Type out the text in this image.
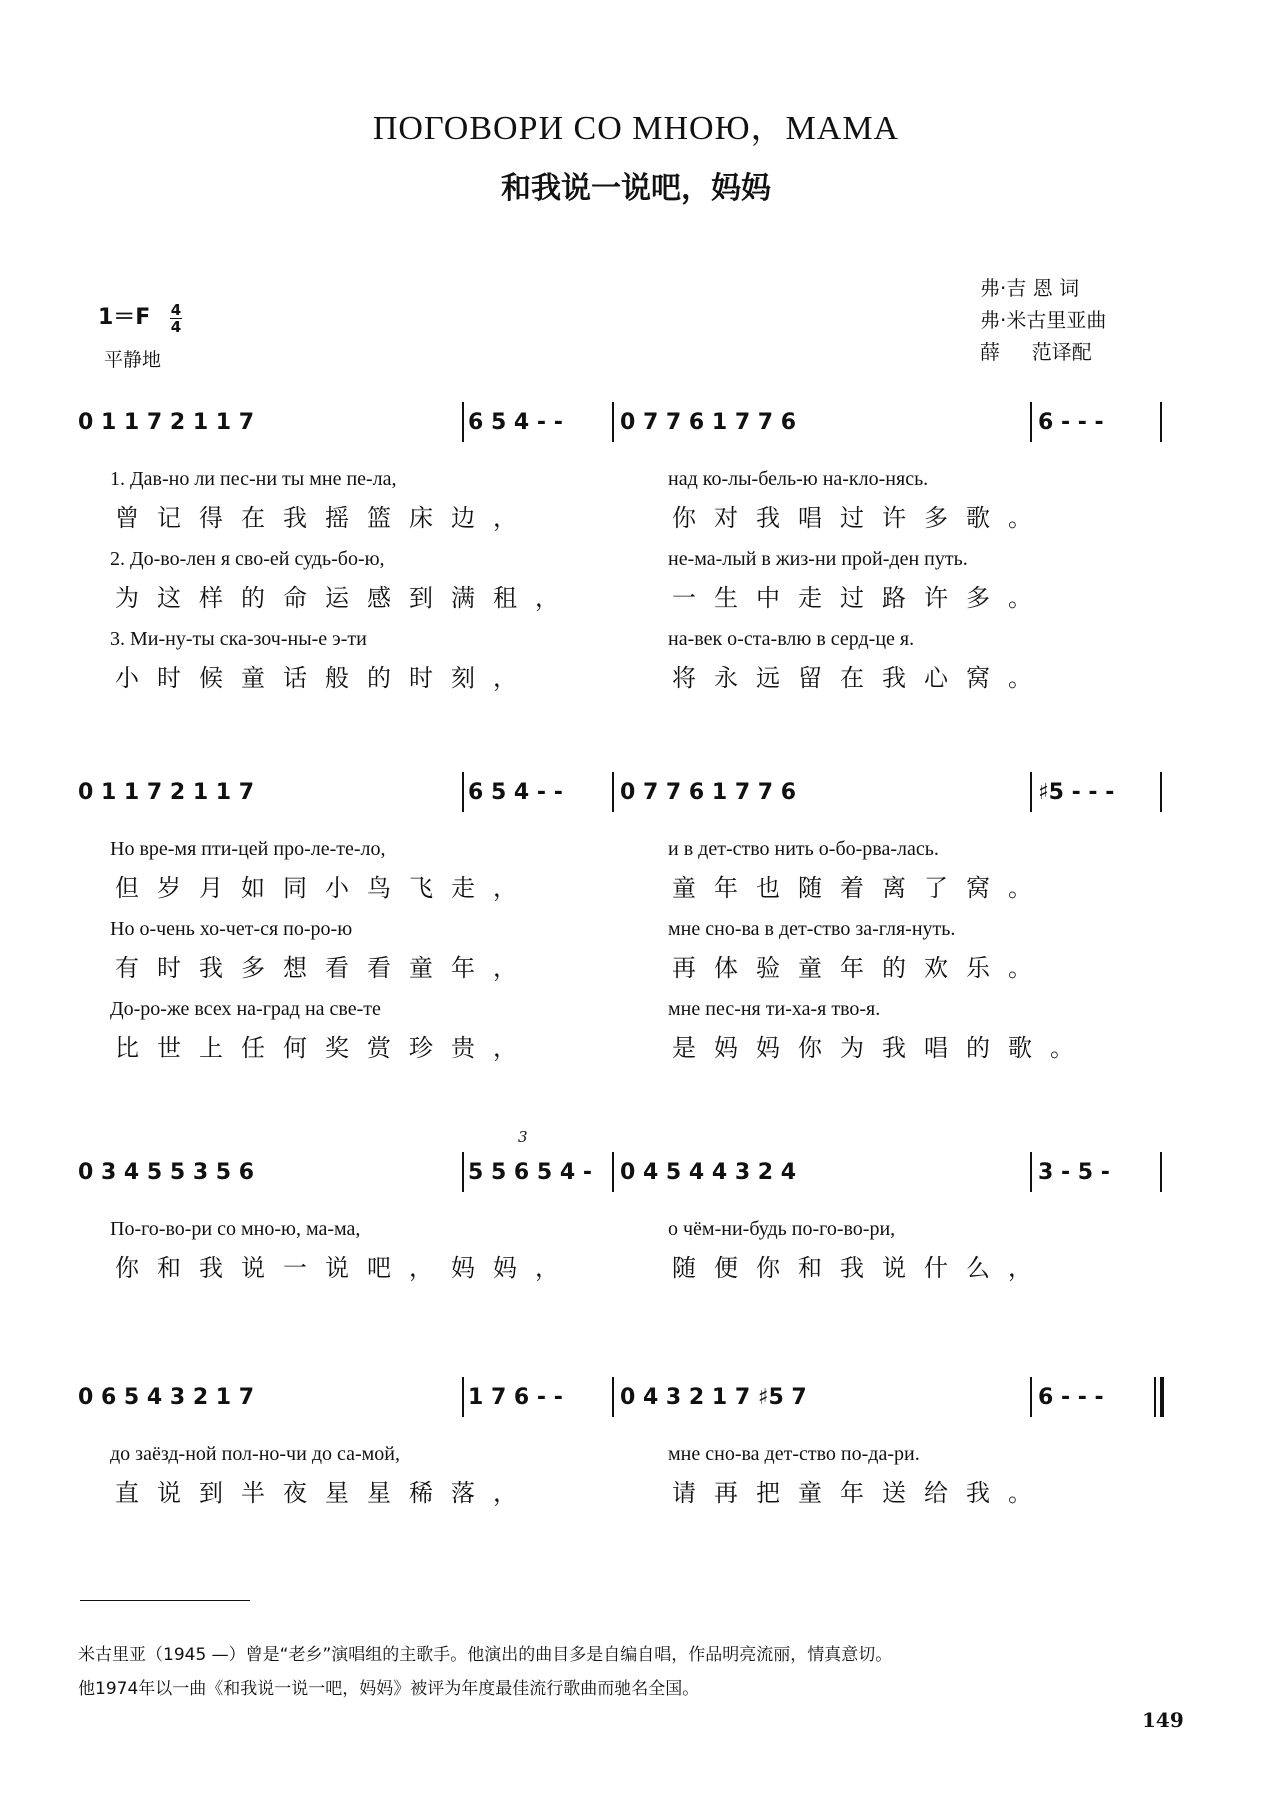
ПОГОВОРИ СО МНОЮ，МАМА
和我说一说吧，妈妈
$1=F \frac{4}{4}$
平静地
弗·吉 恩 词
弗·米古里亚曲
薛     范译配
0 1 1 7 2 1 1 7	6 5 4 - -	0 7 7 6 1 7 7 6	6 - - -
1. Дав-но ли пес-ни ты мне пе-ла,	над ко-лы-бель-ю на-кло-нясь.
曾记得在我摇篮床边，	你对我唱过许多歌。
2. До-во-лен я сво-ей судь-бо-ю,	не-ма-лый в жиз-ни прой-ден путь.
为这样的命运感到满租，	一生中走过路许多。
3. Ми-ну-ты ска-зоч-ны-е э-ти	на-век о-ста-влю в серд-це я.
小时候童话般的时刻，	将永远留在我心窝。
0 1 1 7 2 1 1 7	6 5 4 - -	0 7 7 6 1 7 7 6	♯5 - - -
Но вре-мя пти-цей про-ле-те-ло,	и в дет-ство нить о-бо-рва-лась.
但岁月如同小鸟飞走，	童年也随着离了窝。
Но о-чень хо-чет-ся по-ро-ю	мне сно-ва в дет-ство за-гля-нуть.
有时我多想看看童年，	再体验童年的欢乐。
До-ро-же всех на-град на све-те	мне пес-ня ти-ха-я тво-я.
比世上任何奖赏珍贵，	是妈妈你为我唱的歌。
0 3 4 5 5 3 5 6	5 5 6 5 4 - 0 4 5 4 4 3 2 4	3 - 5 -
3
По-го-во-ри со мно-ю, ма-ма,	о чём-ни-будь по-го-во-ри,
你和我说一说吧，妈妈，	随便你和我说什么，
0 6 5 4 3 2 1 7	1 7 6 - -	0 4 3 2 1 7 ♯5 7	6 - - -
до заёзд-ной пол-но-чи до са-мой,	мне сно-ва дет-ство по-да-ри.
直说到半夜星星稀落，	请再把童年送给我。
米古里亚（1945 —）曾是“老乡”演唱组的主歌手。他演出的曲目多是自编自唱，作品明亮流丽，情真意切。
他1974年以一曲《和我说一说一吧，妈妈》被评为年度最佳流行歌曲而驰名全国。
149
